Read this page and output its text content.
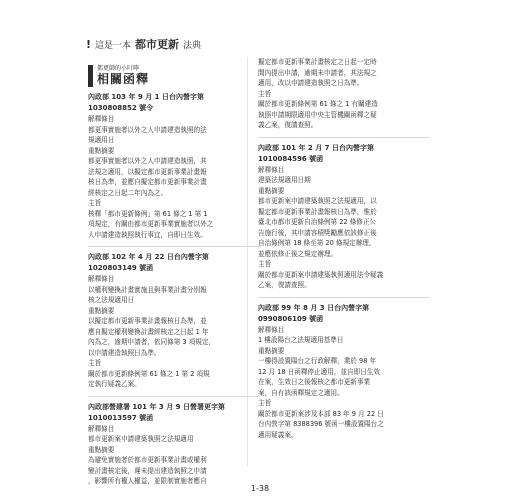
! 這是一本 都市更新 法典
都更師的小叮嚀
相關函釋
內政部 103 年 9 月 1 日台內營字第
1030808852 號令
解釋條目
都更事實施者以外之人申請建造執照的法
規適用日
重點摘要
都更事實施者以外之人申請建造執照，其
法規之適用，以擬定都市更新事業計畫報
核日為準，並應自擬定都市更新事業計畫
經核定之日起二年內為之。
主旨
核釋「都市更新條例」第 61 條之 1 第 1
項規定，有關由都市更新事業實施者以外之
人申請建造執照執行事宜，自即日生效。
內政部 102 年 4 月 22 日台內營字第
1020803149 號函
解釋條目
以權利變換計畫實施且與事業計畫分別報
核之法規適用日
重點摘要
以擬定都市更新事業計畫報核日為準，並
應自擬定權利變換計畫經核定之日起 1 年
內為之，逾期申請者，依同條第 3 項規定，
以申請建造執照日為準。
主旨
關於都市更新條例第 61 條之 1 第 2 項規
定執行疑義乙案。
內政部營建署 101 年 3 月 9 日營署更字第
1010013597 號函
解釋條目
都市更新案申請建築執照之法規適用
重點摘要
為避免實施者於都市更新事業計畫或權利
變計畫核定後，遲未提出建造執照之申請
，影響所有權人權益，並限制實施者應自
擬定都市更新事業計畫核定之日起一定時
間內提出申請，逾期未申請者，其法規之
適用，改以申請建造執照之日為準。
主旨
關於都市更新條例第 61 條之 1 有關建造
執照申請期限適用中央主管機關函釋之疑
義乙案，復請查照。
內政部 101 年 2 月 7 日台內營字第
1010084596 號函
解釋條目
建築法規適用日期
重點摘要
都市更新案申請建築執照之法規適用，以
擬定都市更新事業計畫報核日為準，惟於
臺北市都市更新自治條例第 22 條修正公
告施行後，其申請容積獎勵應依該修正後
自治條例第 18 條至第 20 條規定辦理，
並應依修正後之規定辦理。
主旨
關於都市更新案申請建築執照適用法令疑義
乙案，復請查照。
內政部 99 年 8 月 3 日台內營字第
0990806109 號函
解釋條目
1 樓設陽台之法規適用基準日
重點摘要
一樓得設置陽台之行政解釋，業於 98 年
12 月 18 日函釋停止適用，並自即日生效
在案，生效日之後報核之都市更新事業
案，自有該函釋規定之適用。
主旨
關於都市更新案涉及本部 83 年 9 月 22 日
台內營字第 8388396 號函一樓設置陽台之
適用疑義案。
1-38
